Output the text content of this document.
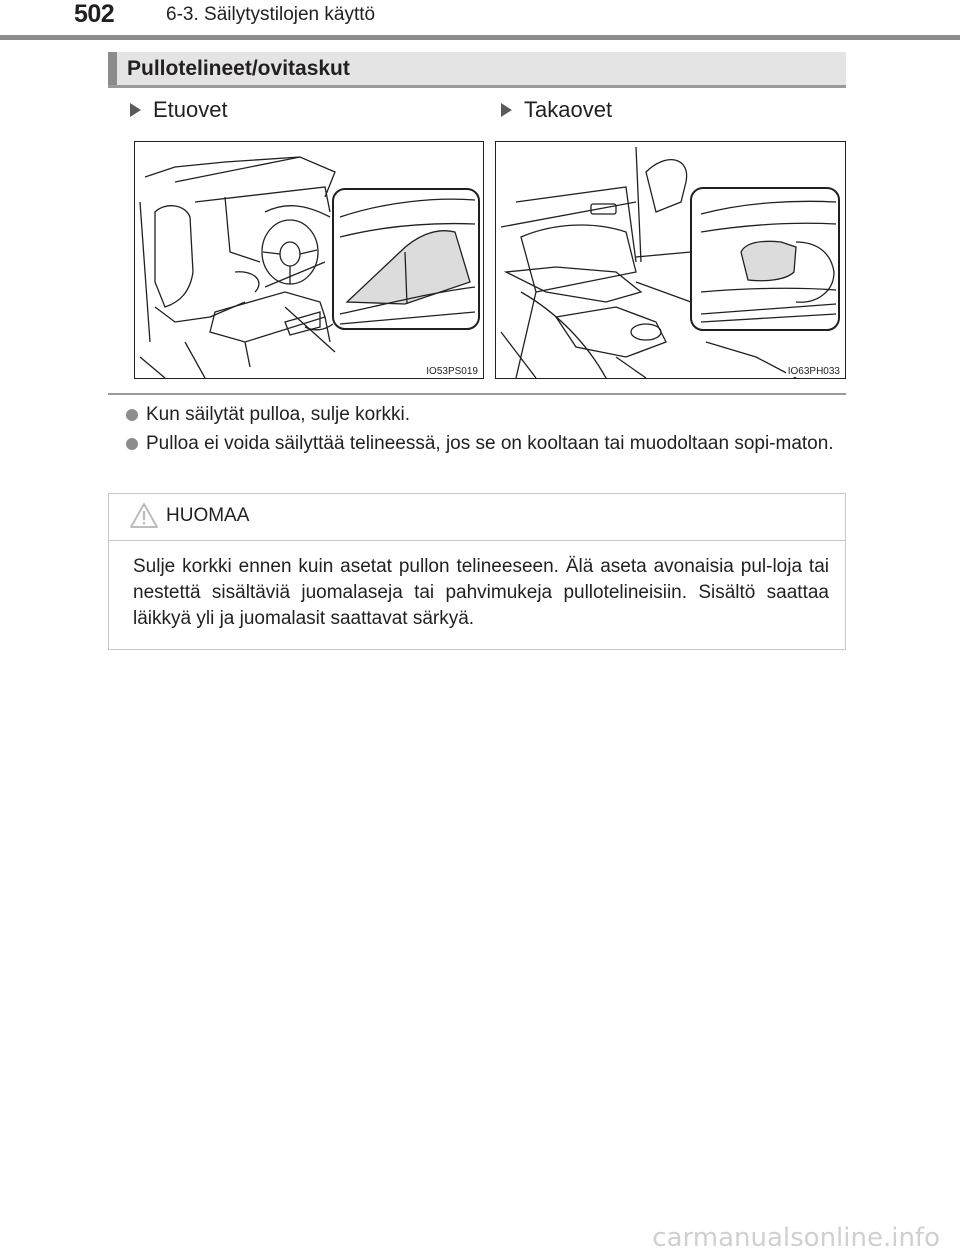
502	6-3. Säilytystilojen käyttö
Pullotelineet/ovitaskut
Etuovet	Takaovet
IO53PS019	IO63PH033
Kun säilytät pulloa, sulje korkki.
Pulloa ei voida säilyttää telineessä, jos se on kooltaan tai muodoltaan sopi-maton.
HUOMAA
Sulje korkki ennen kuin asetat pullon telineeseen. Älä aseta avonaisia pul-loja tai nestettä sisältäviä juomalaseja tai pahvimukeja pullotelineisiin. Sisältö saattaa läikkyä yli ja juomalasit saattavat särkyä.
carmanualsonline.info
